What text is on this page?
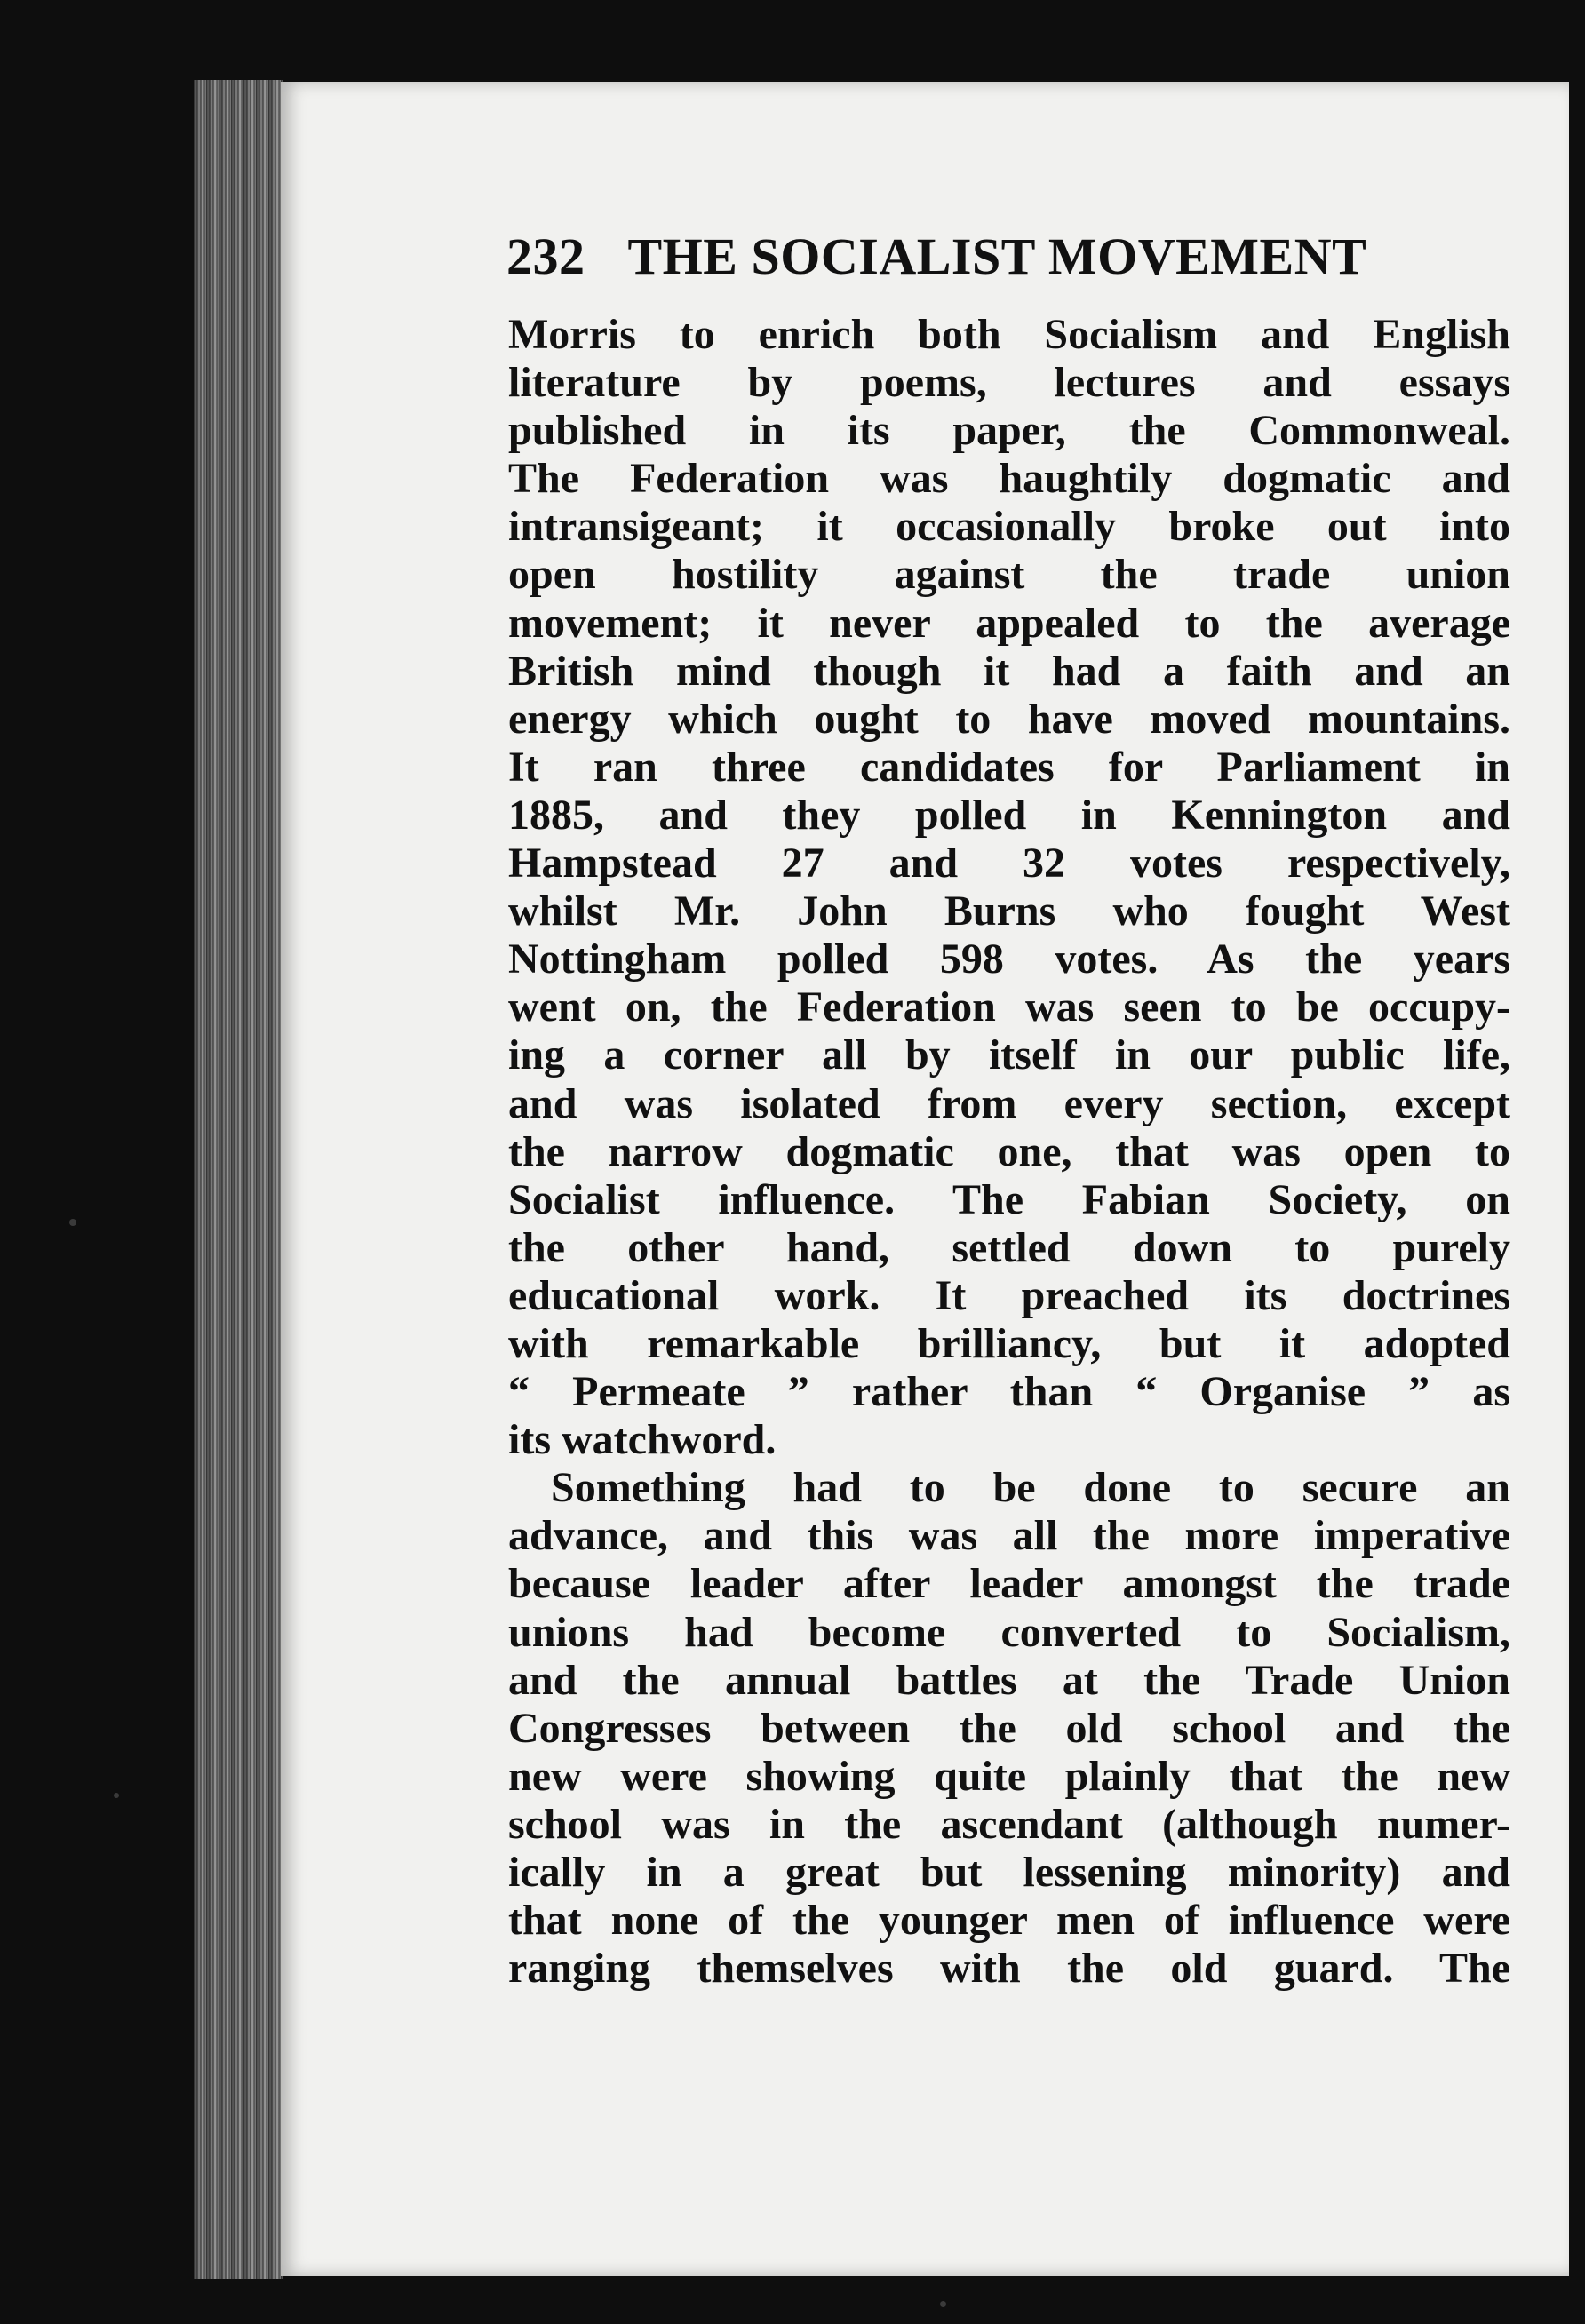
232 THE SOCIALIST MOVEMENT
Morris to enrich both Socialism and English
literature by poems, lectures and essays
published in its paper, the Commonweal.
The Federation was haughtily dogmatic and
intransigeant; it occasionally broke out into
open hostility against the trade union
movement; it never appealed to the average
British mind though it had a faith and an
energy which ought to have moved mountains.
It ran three candidates for Parliament in
1885, and they polled in Kennington and
Hampstead 27 and 32 votes respectively,
whilst Mr. John Burns who fought West
Nottingham polled 598 votes. As the years
went on, the Federation was seen to be occupy-
ing a corner all by itself in our public life,
and was isolated from every section, except
the narrow dogmatic one, that was open to
Socialist influence. The Fabian Society, on
the other hand, settled down to purely
educational work. It preached its doctrines
with remarkable brilliancy, but it adopted
“ Permeate ” rather than “ Organise ” as
its watchword.
Something had to be done to secure an
advance, and this was all the more imperative
because leader after leader amongst the trade
unions had become converted to Socialism,
and the annual battles at the Trade Union
Congresses between the old school and the
new were showing quite plainly that the new
school was in the ascendant (although numer-
ically in a great but lessening minority) and
that none of the younger men of influence were
ranging themselves with the old guard. The
